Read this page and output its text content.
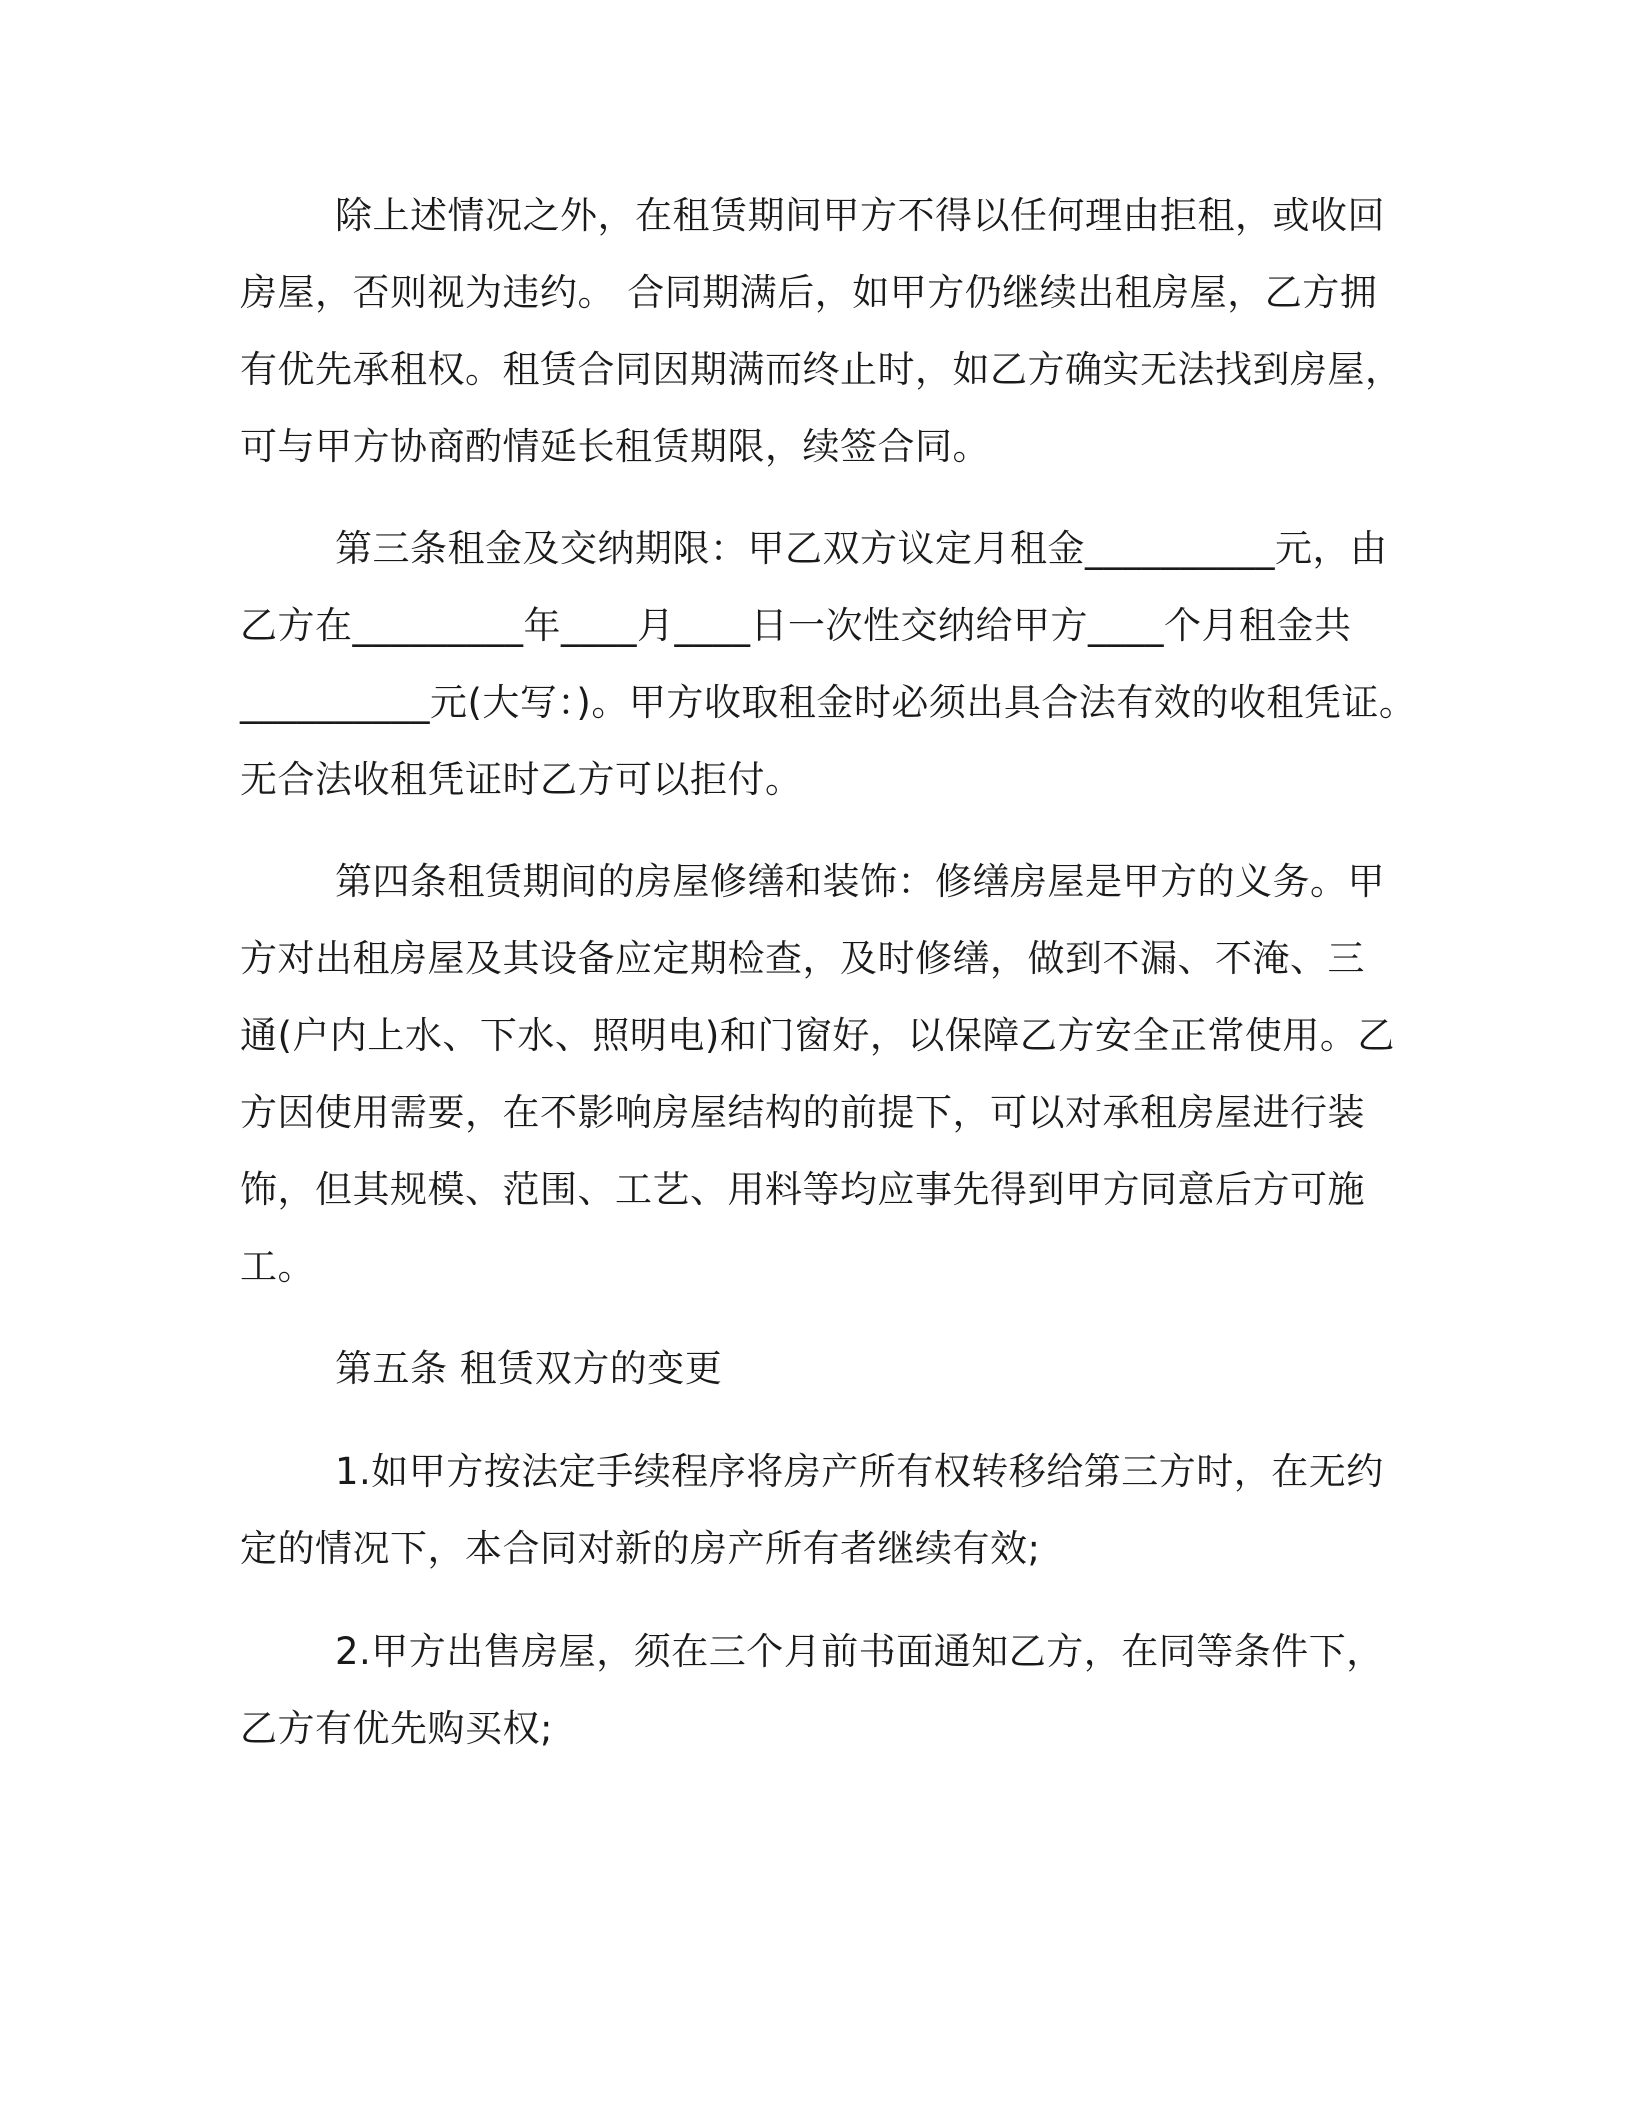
除上述情况之外，在租赁期间甲方不得以任何理由拒租，或收回
房屋，否则视为违约。 合同期满后，如甲方仍继续出租房屋，乙方拥
有优先承租权。租赁合同因期满而终止时，如乙方确实无法找到房屋，
可与甲方协商酌情延长租赁期限，续签合同。
第三条租金及交纳期限：甲乙双方议定月租金__________元，由
乙方在_________年____月____日一次性交纳给甲方____个月租金共
__________元(大写：)。甲方收取租金时必须出具合法有效的收租凭证。
无合法收租凭证时乙方可以拒付。
第四条租赁期间的房屋修缮和装饰：修缮房屋是甲方的义务。甲
方对出租房屋及其设备应定期检查，及时修缮，做到不漏、不淹、三
通(户内上水、下水、照明电)和门窗好，以保障乙方安全正常使用。乙
方因使用需要，在不影响房屋结构的前提下，可以对承租房屋进行装
饰，但其规模、范围、工艺、用料等均应事先得到甲方同意后方可施
工。
第五条 租赁双方的变更
1.如甲方按法定手续程序将房产所有权转移给第三方时，在无约
定的情况下，本合同对新的房产所有者继续有效;
2.甲方出售房屋，须在三个月前书面通知乙方，在同等条件下，
乙方有优先购买权;
